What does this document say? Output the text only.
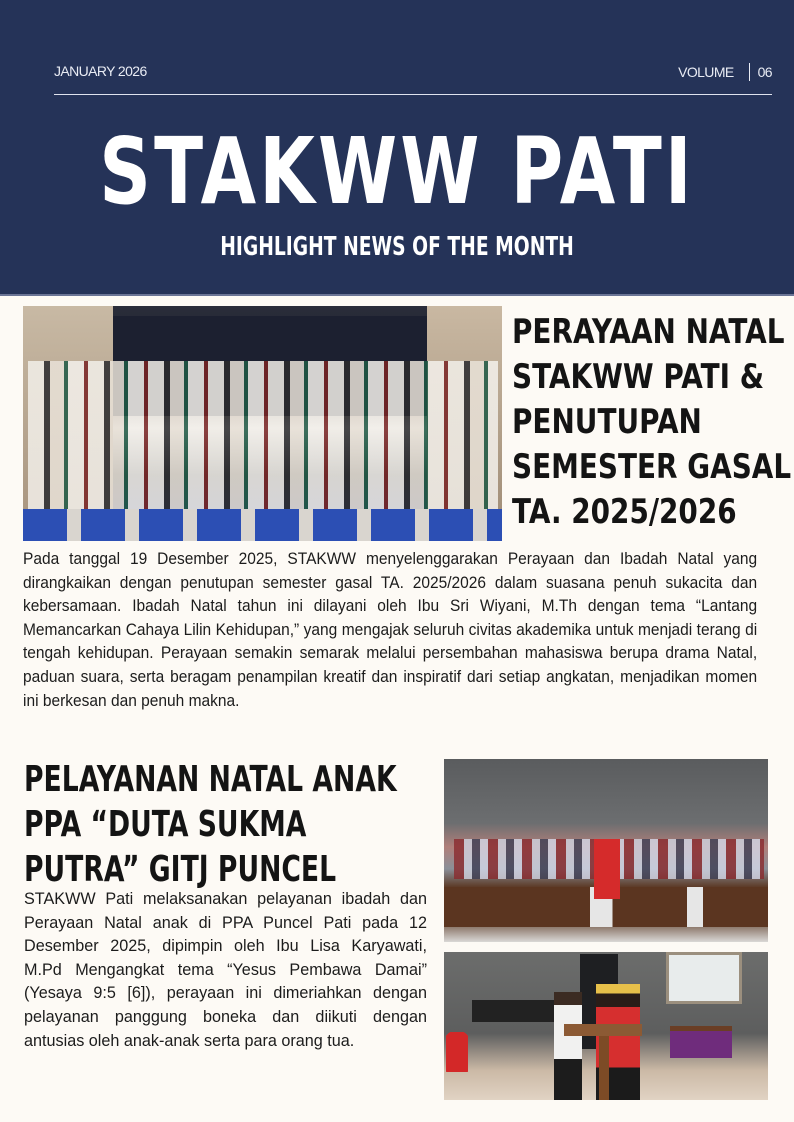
JANUARY 2026	VOLUME 06
STAKWW PATI
HIGHLIGHT NEWS OF THE MONTH
PERAYAAN NATAL
STAKWW PATI &
PENUTUPAN
SEMESTER GASAL
TA. 2025/2026

Pada tanggal 19 Desember 2025, STAKWW menyelenggarakan Perayaan dan Ibadah Natal yang dirangkaikan dengan penutupan semester gasal TA. 2025/2026 dalam suasana penuh sukacita dan kebersamaan. Ibadah Natal tahun ini dilayani oleh Ibu Sri Wiyani, M.Th dengan tema “Lantang Memancarkan Cahaya Lilin Kehidupan,” yang mengajak seluruh civitas akademika untuk menjadi terang di tengah kehidupan. Perayaan semakin semarak melalui persembahan mahasiswa berupa drama Natal, paduan suara, serta beragam penampilan kreatif dan inspiratif dari setiap angkatan, menjadikan momen ini berkesan dan penuh makna.

PELAYANAN NATAL ANAK
PPA “DUTA SUKMA
PUTRA” GITJ PUNCEL

STAKWW Pati melaksanakan pelayanan ibadah dan Perayaan Natal anak di PPA Puncel Pati pada 12 Desember 2025, dipimpin oleh Ibu Lisa Karyawati, M.Pd Mengangkat tema “Yesus Pembawa Damai” (Yesaya 9:5 [6]), perayaan ini dimeriahkan dengan pelayanan panggung boneka dan diikuti dengan antusias oleh anak-anak serta para orang tua.
